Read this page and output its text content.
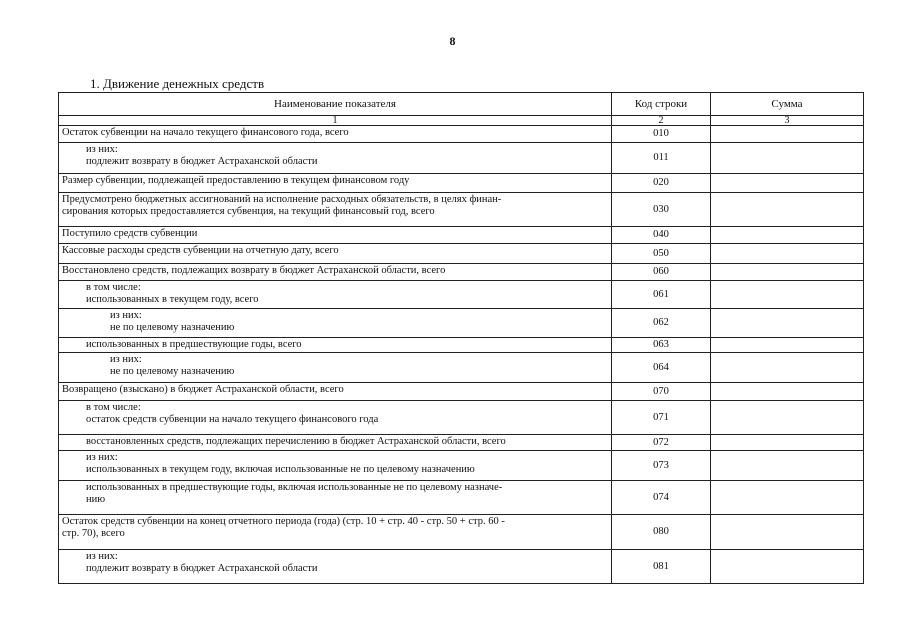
8
1. Движение денежных средств
Наименование показателя	Код строки	Сумма
1	2	3

Остаток субвенции на начало текущего финансового года, всего	010	

из них:
подлежит возврату в бюджет Астраханской области	011	

Размер субвенции, подлежащей предоставлению в текущем финансовом году	020	

Предусмотрено бюджетных ассигнований на исполнение расходных обязательств, в целях финан-
сирования которых предоставляется субвенция, на текущий финансовый год, всего	030	

Поступило средств субвенции	040	

Кассовые расходы средств субвенции на отчетную дату, всего	050	

Восстановлено средств, подлежащих возврату в бюджет Астраханской области, всего	060	

в том числе:
использованных в текущем году, всего	061	

из них:
не по целевому назначению	062	

использованных в предшествующие годы, всего	063	

из них:
не по целевому назначению	064	

Возвращено (взыскано) в бюджет Астраханской области, всего	070	

в том числе:
остаток средств субвенции на начало текущего финансового года	071	

восстановленных средств, подлежащих перечислению в бюджет Астраханской области, всего	072	

из них:
использованных в текущем году, включая использованные не по целевому назначению	073	

использованных в предшествующие годы, включая использованные не по целевому назначе-
нию	074	

Остаток средств субвенции на конец отчетного периода (года) (стр. 10 + стр. 40 - стр. 50 + стр. 60 -
стр. 70), всего	080	

из них:
подлежит возврату в бюджет Астраханской области	081	
